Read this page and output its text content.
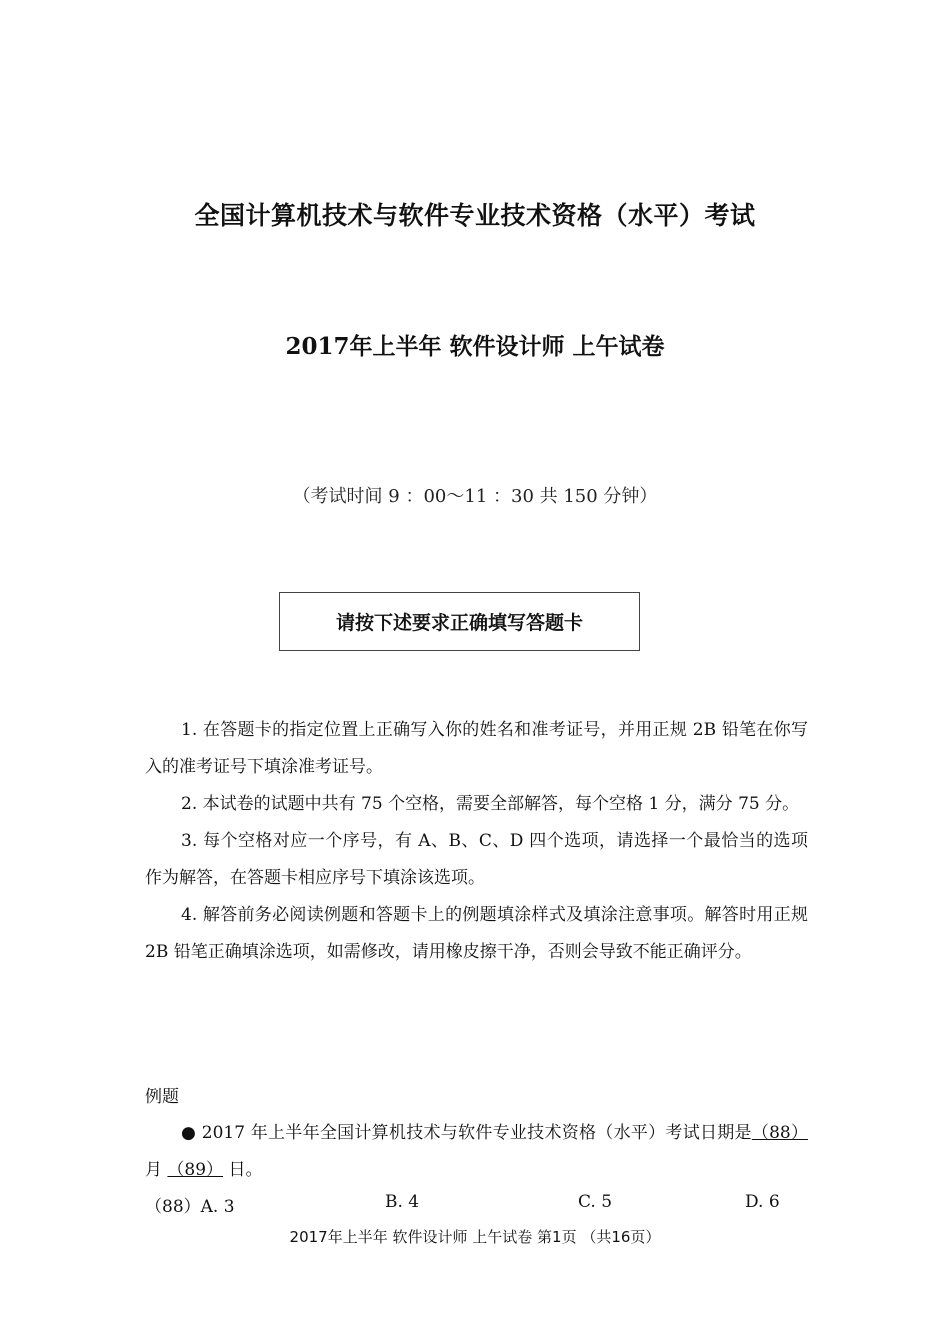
全国计算机技术与软件专业技术资格（水平）考试
2017年上半年 软件设计师 上午试卷
（考试时间 9 ：00～11 ：30 共 150 分钟）
请按下述要求正确填写答题卡

1. 在答题卡的指定位置上正确写入你的姓名和准考证号，并用正规 2B 铅笔在你写入的准考证号下填涂准考证号。

2. 本试卷的试题中共有 75 个空格，需要全部解答，每个空格 1 分，满分 75 分。

3. 每个空格对应一个序号，有 A、B、C、D 四个选项，请选择一个最恰当的选项作为解答，在答题卡相应序号下填涂该选项。

4. 解答前务必阅读例题和答题卡上的例题填涂样式及填涂注意事项。解答时用正规 2B 铅笔正确填涂选项，如需修改，请用橡皮擦干净，否则会导致不能正确评分。

例题

● 2017 年上半年全国计算机技术与软件专业技术资格（水平）考试日期是（88） 月 （89） 日。

（88）A. 3	B. 4	C. 5	D. 6
2017年上半年 软件设计师 上午试卷 第1页 （共16页）
